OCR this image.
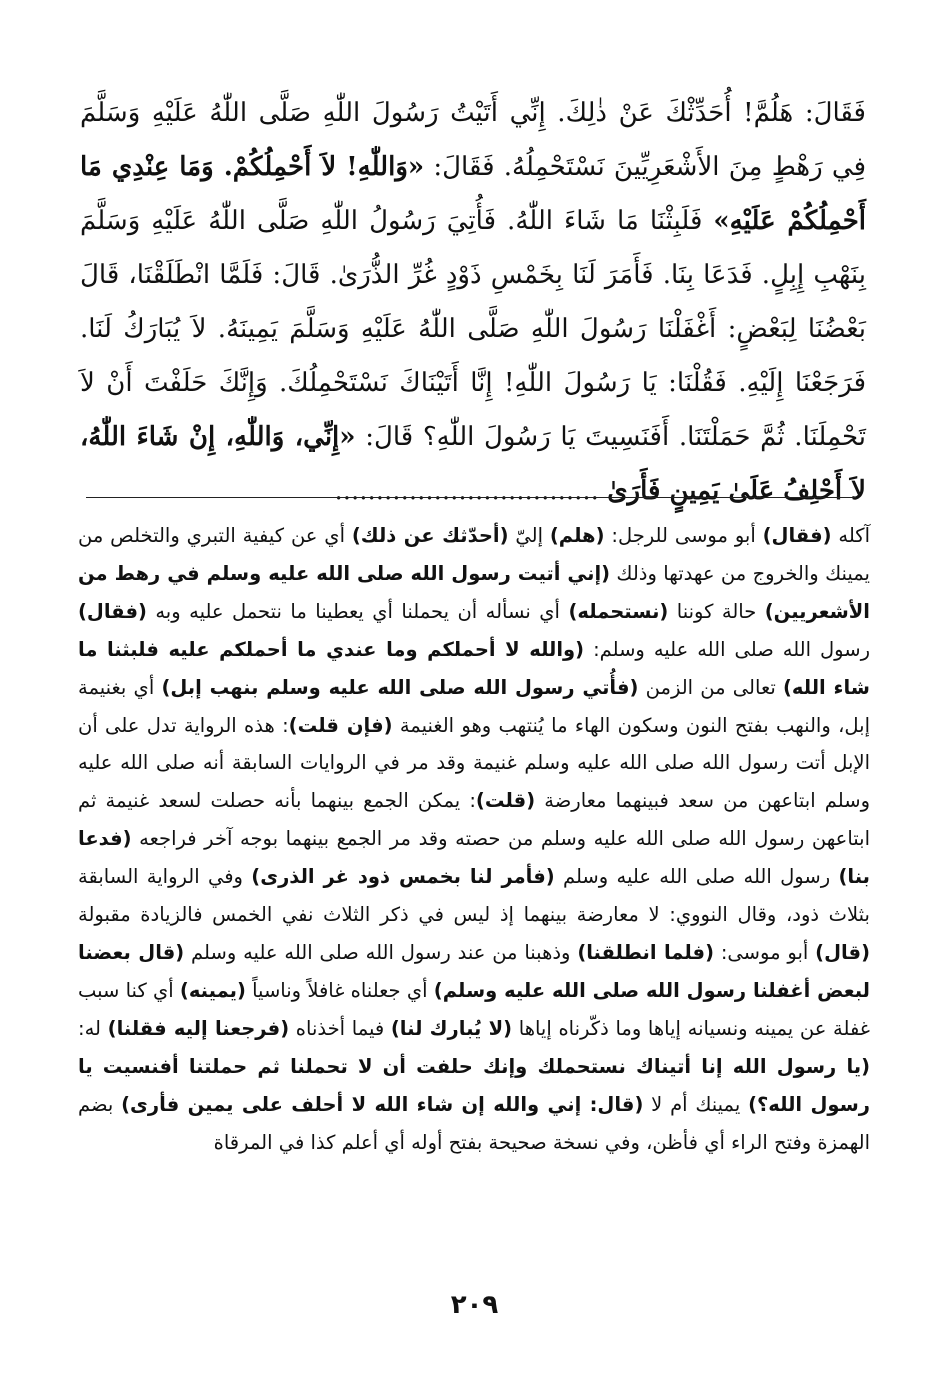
فَقَالَ: هَلُمَّ! أُحَدِّثْكَ عَنْ ذٰلِكَ. إِنِّي أَتَيْتُ رَسُولَ اللّٰهِ صَلَّى اللّٰهُ عَلَيْهِ وَسَلَّمَ فِي رَهْطٍ مِنَ الأَشْعَرِيِّينَ نَسْتَحْمِلُهُ. فَقَالَ: «وَاللّٰهِ! لاَ أَحْمِلُكُمْ. وَمَا عِنْدِي مَا أَحْمِلُكُمْ عَلَيْهِ» فَلَبِثْنَا مَا شَاءَ اللّٰهُ. فَأُتِيَ رَسُولُ اللّٰهِ صَلَّى اللّٰهُ عَلَيْهِ وَسَلَّمَ بِنَهْبِ إِبِلٍ. فَدَعَا بِنَا. فَأَمَرَ لَنَا بِخَمْسِ ذَوْدٍ غُرِّ الذُّرَىٰ. قَالَ: فَلَمَّا انْطَلَقْنَا، قَالَ بَعْضُنَا لِبَعْضٍ: أَغْفَلْنَا رَسُولَ اللّٰهِ صَلَّى اللّٰهُ عَلَيْهِ وَسَلَّمَ يَمِينَهُ. لاَ يُبَارَكُ لَنَا. فَرَجَعْنَا إِلَيْهِ. فَقُلْنَا: يَا رَسُولَ اللّٰهِ! إِنَّا أَتَيْنَاكَ نَسْتَحْمِلُكَ. وَإِنَّكَ حَلَفْتَ أَنْ لاَ تَحْمِلَنَا. ثُمَّ حَمَلْتَنَا. أَفَنَسِيتَ يَا رَسُولَ اللّٰهِ؟ قَالَ: «إِنِّي، وَاللّٰهِ، إِنْ شَاءَ اللّٰهُ، لاَ أَحْلِفُ عَلَىٰ يَمِينٍ فَأَرَىٰ ................................

آكله (فقال) أبو موسى للرجل: (هلم) إليّ (أحدّثك عن ذلك) أي عن كيفية التبري والتخلص من يمينك والخروج من عهدتها وذلك (إني أتيت رسول الله صلى الله عليه وسلم في رهط من الأشعريين) حالة كوننا (نستحمله) أي نسأله أن يحملنا أي يعطينا ما نتحمل عليه وبه (فقال) رسول الله صلى الله عليه وسلم: (والله لا أحملكم وما عندي ما أحملكم عليه فلبثنا ما شاء الله) تعالى من الزمن (فأُتي رسول الله صلى الله عليه وسلم بنهب إبل) أي بغنيمة إبل، والنهب بفتح النون وسكون الهاء ما يُنتهب وهو الغنيمة (فإن قلت): هذه الرواية تدل على أن الإبل أتت رسول الله صلى الله عليه وسلم غنيمة وقد مر في الروايات السابقة أنه صلى الله عليه وسلم ابتاعهن من سعد فبينهما معارضة (قلت): يمكن الجمع بينهما بأنه حصلت لسعد غنيمة ثم ابتاعهن رسول الله صلى الله عليه وسلم من حصته وقد مر الجمع بينهما بوجه آخر فراجعه (فدعا بنا) رسول الله صلى الله عليه وسلم (فأمر لنا بخمس ذود غر الذرى) وفي الرواية السابقة بثلاث ذود، وقال النووي: لا معارضة بينهما إذ ليس في ذكر الثلاث نفي الخمس فالزيادة مقبولة (قال) أبو موسى: (فلما انطلقنا) وذهبنا من عند رسول الله صلى الله عليه وسلم (قال بعضنا لبعض أغفلنا رسول الله صلى الله عليه وسلم) أي جعلناه غافلاً وناسياً (يمينه) أي كنا سبب غفلة عن يمينه ونسيانه إياها وما ذكّرناه إياها (لا يُبارك لنا) فيما أخذناه (فرجعنا إليه فقلنا) له: (يا رسول الله إنا أتيناك نستحملك وإنك حلفت أن لا تحملنا ثم حملتنا أفنسيت يا رسول الله؟) يمينك أم لا (قال: إني والله إن شاء الله لا أحلف على يمين فأرى) بضم الهمزة وفتح الراء أي فأظن، وفي نسخة صحيحة بفتح أوله أي أعلم كذا في المرقاة

٢٠٩
